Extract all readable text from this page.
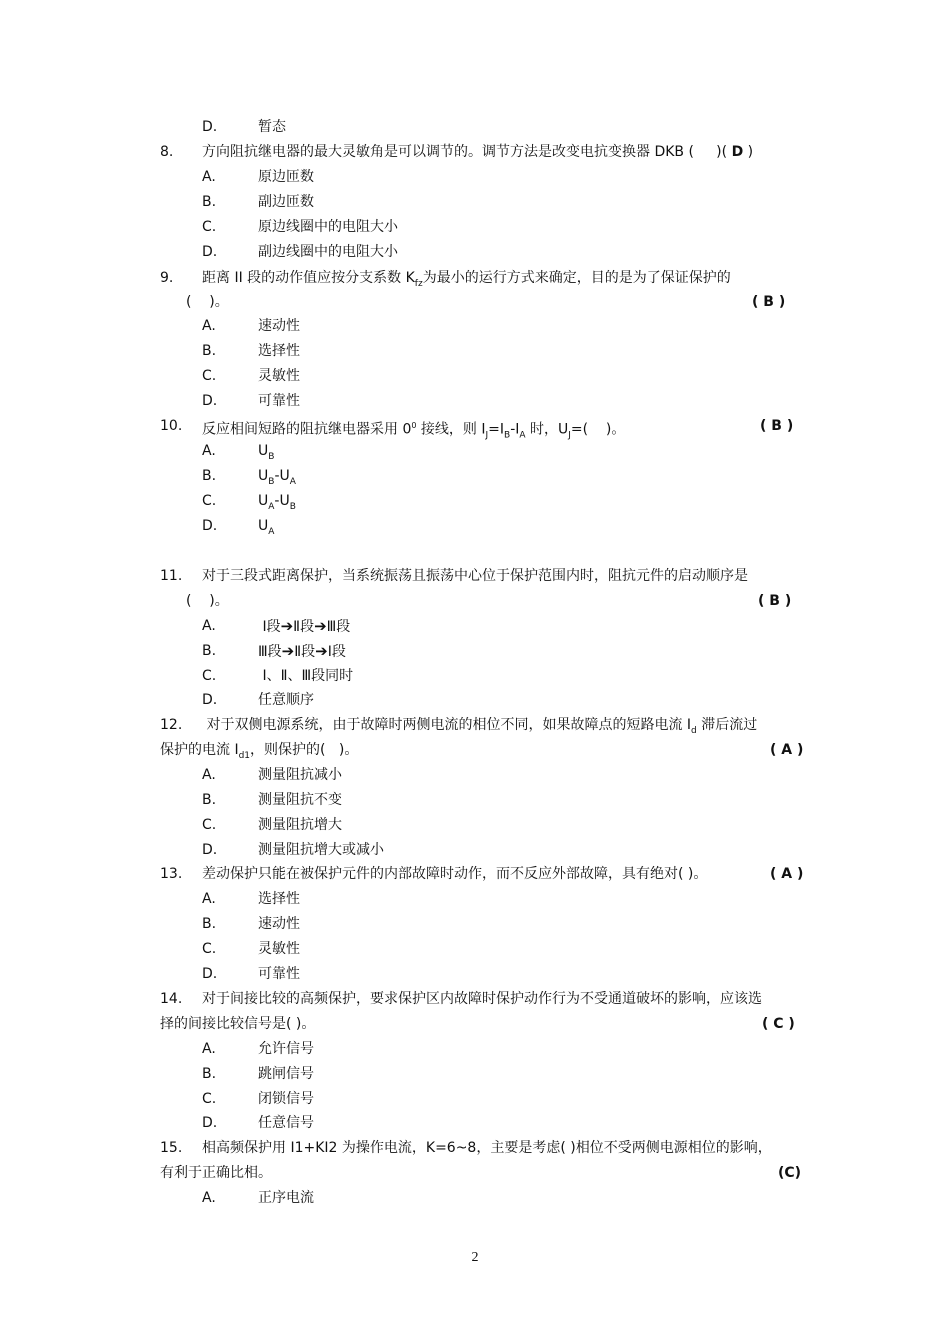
D.	暂态
8. 方向阻抗继电器的最大灵敏角是可以调节的。调节方法是改变电抗变换器 DKB (     )( D )
A.	原边匝数
B.	副边匝数
C.	原边线圈中的电阻大小
D.	副边线圈中的电阻大小
9. 距离 II 段的动作值应按分支系数 $K_{fz}$为最小的运行方式来确定，目的是为了保证保护的
(    )。	( B )
A.	速动性
B.	选择性
C.	灵敏性
D.	可靠性
10. 反应相间短路的阻抗继电器采用 $0^0$ 接线，则 $I_J=I_B-I_A$ 时，$U_J=$(    )。	( B )
A.	$U_B$
B.	$U_B-U_A$
C.	$U_A-U_B$
D.	$U_A$
11. 对于三段式距离保护，当系统振荡且振荡中心位于保护范围内时，阻抗元件的启动顺序是
(    )。	( B )
A.	Ⅰ段➔Ⅱ段➔Ⅲ段
B.	Ⅲ段➔Ⅱ段➔Ⅰ段
C.	Ⅰ、Ⅱ、Ⅲ段同时
D.	任意顺序
12. 对于双侧电源系统，由于故障时两侧电流的相位不同，如果故障点的短路电流 $I_d$ 滞后流过
保护的电流 $I_{d1}$，则保护的(   )。	( A )
A.	测量阻抗减小
B.	测量阻抗不变
C.	测量阻抗增大
D.	测量阻抗增大或减小
13. 差动保护只能在被保护元件的内部故障时动作，而不反应外部故障，具有绝对( )。	( A )
A.	选择性
B.	速动性
C.	灵敏性
D.	可靠性
14. 对于间接比较的高频保护，要求保护区内故障时保护动作行为不受通道破坏的影响，应该选
择的间接比较信号是( )。	( C )
A.	允许信号
B.	跳闸信号
C.	闭锁信号
D.	任意信号
15. 相高频保护用 I1+KI2 为操作电流，K=6~8，主要是考虑( )相位不受两侧电源相位的影响，
有利于正确比相。	(C)
A.	正序电流
2
